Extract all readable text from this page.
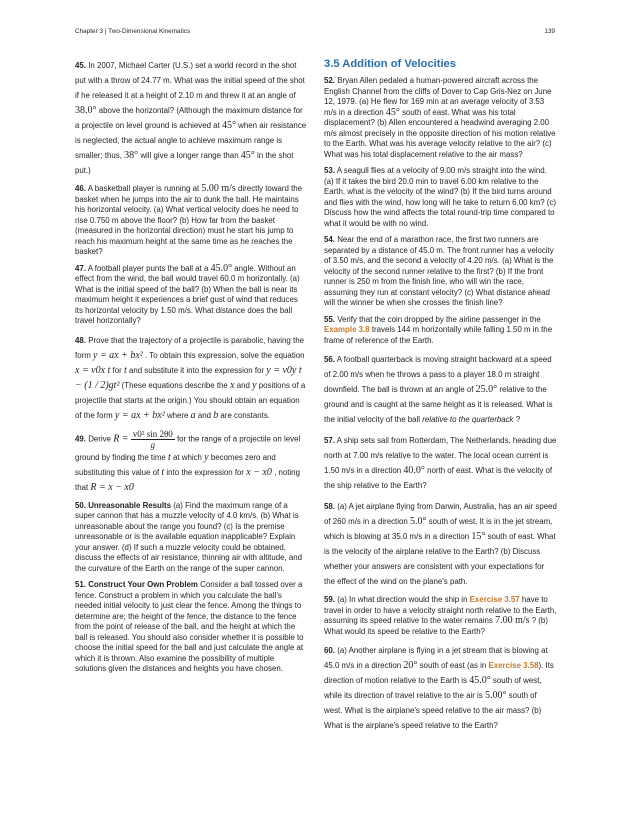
Chapter 3 | Two-Dimensional Kinematics	139

45. In 2007, Michael Carter (U.S.) set a world record in the shot put with a throw of 24.77 m. What was the initial speed of the shot if he released it at a height of 2.10 m and threw it at an angle of 38.0° above the horizontal? (Although the maximum distance for a projectile on level ground is achieved at 45° when air resistance is neglected, the actual angle to achieve maximum range is smaller; thus, 38° will give a longer range than 45° in the shot put.)

46. A basketball player is running at 5.00 m/s directly toward the basket when he jumps into the air to dunk the ball. He maintains his horizontal velocity. (a) What vertical velocity does he need to rise 0.750 m above the floor? (b) How far from the basket (measured in the horizontal direction) must he start his jump to reach his maximum height at the same time as he reaches the basket?

47. A football player punts the ball at a 45.0° angle. Without an effect from the wind, the ball would travel 60.0 m horizontally. (a) What is the initial speed of the ball? (b) When the ball is near its maximum height it experiences a brief gust of wind that reduces its horizontal velocity by 1.50 m/s. What distance does the ball travel horizontally?

48. Prove that the trajectory of a projectile is parabolic, having the form y = ax + bx² . To obtain this expression, solve the equation x = v0x t for t and substitute it into the expression for y = v0y t − (1 / 2)gt² (These equations describe the x and y positions of a projectile that starts at the origin.) You should obtain an equation of the form y = ax + bx² where a and b are constants.

49. Derive $R = \frac{\text{v0² sin 2θ0}}{g}$ for the range of a projectile on level ground by finding the time t at which y becomes zero and substituting this value of t into the expression for x − x0 , noting that R = x − x0

50. Unreasonable Results (a) Find the maximum range of a super cannon that has a muzzle velocity of 4.0 km/s. (b) What is unreasonable about the range you found? (c) Is the premise unreasonable or is the available equation inapplicable? Explain your answer. (d) If such a muzzle velocity could be obtained, discuss the effects of air resistance, thinning air with altitude, and the curvature of the Earth on the range of the super cannon.

51. Construct Your Own Problem Consider a ball tossed over a fence. Construct a problem in which you calculate the ball's needed initial velocity to just clear the fence. Among the things to determine are; the height of the fence, the distance to the fence from the point of release of the ball, and the height at which the ball is released. You should also consider whether it is possible to choose the initial speed for the ball and just calculate the angle at which it is thrown. Also examine the possibility of multiple solutions given the distances and heights you have chosen.

3.5 Addition of Velocities

52. Bryan Allen pedaled a human-powered aircraft across the English Channel from the cliffs of Dover to Cap Gris-Nez on June 12, 1979. (a) He flew for 169 min at an average velocity of 3.53 m/s in a direction 45° south of east. What was his total displacement? (b) Allen encountered a headwind averaging 2.00 m/s almost precisely in the opposite direction of his motion relative to the Earth. What was his average velocity relative to the air? (c) What was his total displacement relative to the air mass?

53. A seagull flies at a velocity of 9.00 m/s straight into the wind. (a) If it takes the bird 20.0 min to travel 6.00 km relative to the Earth, what is the velocity of the wind? (b) If the bird turns around and flies with the wind, how long will he take to return 6.00 km? (c) Discuss how the wind affects the total round-trip time compared to what it would be with no wind.

54. Near the end of a marathon race, the first two runners are separated by a distance of 45.0 m. The front runner has a velocity of 3.50 m/s, and the second a velocity of 4.20 m/s. (a) What is the velocity of the second runner relative to the first? (b) If the front runner is 250 m from the finish line, who will win the race, assuming they run at constant velocity? (c) What distance ahead will the winner be when she crosses the finish line?

55. Verify that the coin dropped by the airline passenger in the Example 3.8 travels 144 m horizontally while falling 1.50 m in the frame of reference of the Earth.

56. A football quarterback is moving straight backward at a speed of 2.00 m/s when he throws a pass to a player 18.0 m straight downfield. The ball is thrown at an angle of 25.0° relative to the ground and is caught at the same height as it is released. What is the initial velocity of the ball relative to the quarterback ?

57. A ship sets sail from Rotterdam, The Netherlands, heading due north at 7.00 m/s relative to the water. The local ocean current is 1.50 m/s in a direction 40.0° north of east. What is the velocity of the ship relative to the Earth?

58. (a) A jet airplane flying from Darwin, Australia, has an air speed of 260 m/s in a direction 5.0° south of west. It is in the jet stream, which is blowing at 35.0 m/s in a direction 15° south of east. What is the velocity of the airplane relative to the Earth? (b) Discuss whether your answers are consistent with your expectations for the effect of the wind on the plane's path.

59. (a) In what direction would the ship in Exercise 3.57 have to travel in order to have a velocity straight north relative to the Earth, assuming its speed relative to the water remains 7.00 m/s ? (b) What would its speed be relative to the Earth?

60. (a) Another airplane is flying in a jet stream that is blowing at 45.0 m/s in a direction 20° south of east (as in Exercise 3.58). Its direction of motion relative to the Earth is 45.0° south of west, while its direction of travel relative to the air is 5.00° south of west. What is the airplane's speed relative to the air mass? (b) What is the airplane's speed relative to the Earth?
